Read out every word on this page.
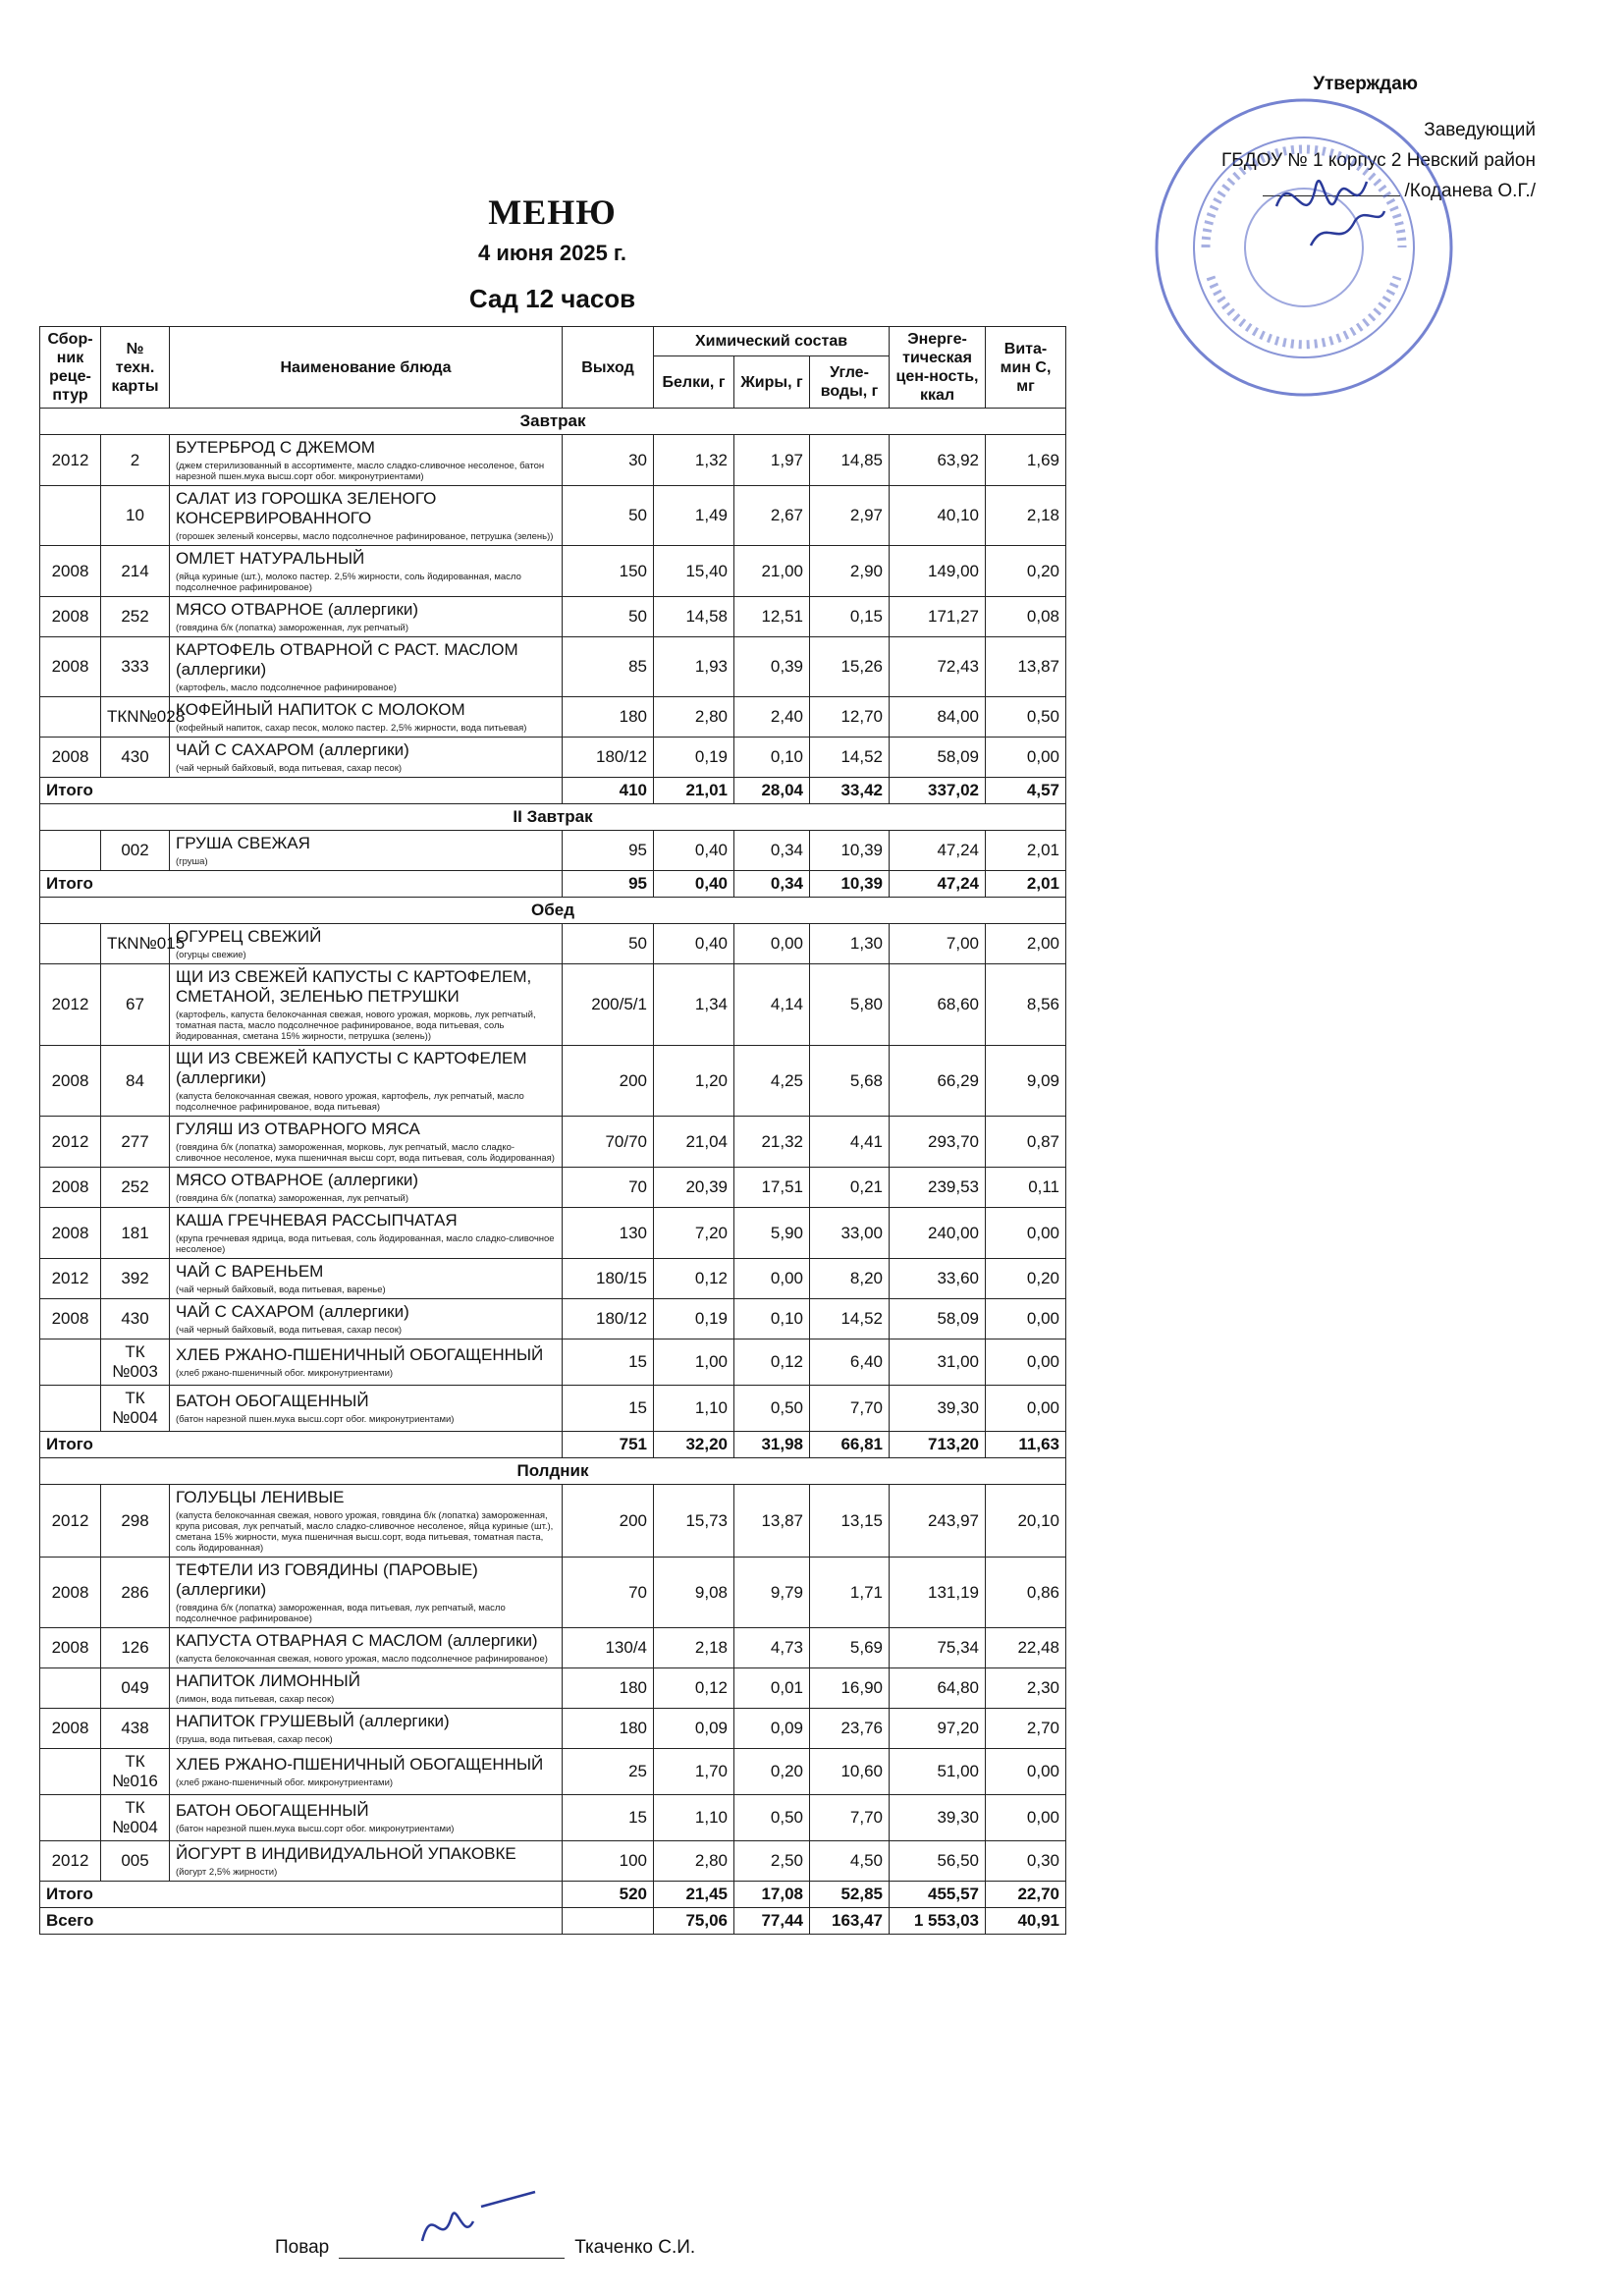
Утверждаю
Заведующий
ГБДОУ № 1 корпус 2 Невский район
/Коданева О.Г./
МЕНЮ
4 июня 2025 г.
Сад 12 часов
Сбор-ник реце-птур	№ техн. карты	Наименование блюда	Выход	Химический состав			Энерге-тическая цен-ность, ккал	Вита-мин С, мг
				Белки, г	Жиры, г	Угле-воды, г		
Завтрак								
2012	2	БУТЕРБРОД С ДЖЕМОМ
(джем стерилизованный в ассортименте, масло сладко-сливочное несоленое, батон нарезной пшен.мука высш.сорт обог. микронутриентами)	30	1,32	1,97	14,85	63,92	1,69
	10	САЛАТ ИЗ ГОРОШКА ЗЕЛЕНОГО КОНСЕРВИРОВАННОГО
(горошек зеленый консервы, масло подсолнечное рафинированое, петрушка (зелень))	50	1,49	2,67	2,97	40,10	2,18
2008	214	ОМЛЕТ НАТУРАЛЬНЫЙ
(яйца куриные (шт.), молоко пастер. 2,5% жирности, соль йодированная, масло подсолнечное рафинированое)	150	15,40	21,00	2,90	149,00	0,20
2008	252	МЯСО ОТВАРНОЕ (аллергики)
(говядина б/к (лопатка) замороженная, лук репчатый)	50	14,58	12,51	0,15	171,27	0,08
2008	333	КАРТОФЕЛЬ ОТВАРНОЙ С РАСТ. МАСЛОМ (аллергики)
(картофель, масло подсолнечное рафинированое)	85	1,93	0,39	15,26	72,43	13,87
	ТКN№028	КОФЕЙНЫЙ НАПИТОК С МОЛОКОМ
(кофейный напиток, сахар песок, молоко пастер. 2,5% жирности, вода питьевая)	180	2,80	2,40	12,70	84,00	0,50
2008	430	ЧАЙ С САХАРОМ (аллергики)
(чай черный байховый, вода питьевая, сахар песок)	180/12	0,19	0,10	14,52	58,09	0,00
Итого			410	21,01	28,04	33,42	337,02	4,57
II Завтрак								
	002	ГРУША СВЕЖАЯ
(груша)	95	0,40	0,34	10,39	47,24	2,01
Итого			95	0,40	0,34	10,39	47,24	2,01
Обед								
	ТКN№015	ОГУРЕЦ СВЕЖИЙ
(огурцы свежие)	50	0,40	0,00	1,30	7,00	2,00
2012	67	ЩИ ИЗ СВЕЖЕЙ КАПУСТЫ С КАРТОФЕЛЕМ, СМЕТАНОЙ, ЗЕЛЕНЬЮ ПЕТРУШКИ
(картофель, капуста белокочанная свежая, нового урожая, морковь, лук репчатый, томатная паста, масло подсолнечное рафинированое, вода питьевая, соль йодированная, сметана 15% жирности, петрушка (зелень))	200/5/1	1,34	4,14	5,80	68,60	8,56
2008	84	ЩИ ИЗ СВЕЖЕЙ КАПУСТЫ С КАРТОФЕЛЕМ (аллергики)
(капуста белокочанная свежая, нового урожая, картофель, лук репчатый, масло подсолнечное рафинированое, вода питьевая)	200	1,20	4,25	5,68	66,29	9,09
2012	277	ГУЛЯШ ИЗ ОТВАРНОГО МЯСА
(говядина б/к (лопатка) замороженная, морковь, лук репчатый, масло сладко-сливочное несоленое, мука пшеничная высш сорт, вода питьевая, соль йодированная)	70/70	21,04	21,32	4,41	293,70	0,87
2008	252	МЯСО ОТВАРНОЕ (аллергики)
(говядина б/к (лопатка) замороженная, лук репчатый)	70	20,39	17,51	0,21	239,53	0,11
2008	181	КАША ГРЕЧНЕВАЯ РАССЫПЧАТАЯ
(крупа гречневая ядрица, вода питьевая, соль йодированная, масло сладко-сливочное несоленое)	130	7,20	5,90	33,00	240,00	0,00
2012	392	ЧАЙ С ВАРЕНЬЕМ
(чай черный байховый, вода питьевая, варенье)	180/15	0,12	0,00	8,20	33,60	0,20
2008	430	ЧАЙ С САХАРОМ (аллергики)
(чай черный байховый, вода питьевая, сахар песок)	180/12	0,19	0,10	14,52	58,09	0,00
	ТК №003	ХЛЕБ РЖАНО-ПШЕНИЧНЫЙ ОБОГАЩЕННЫЙ
(хлеб ржано-пшеничный обог. микронутриентами)	15	1,00	0,12	6,40	31,00	0,00
	ТК №004	БАТОН ОБОГАЩЕННЫЙ
(батон нарезной пшен.мука высш.сорт обог. микронутриентами)	15	1,10	0,50	7,70	39,30	0,00
Итого			751	32,20	31,98	66,81	713,20	11,63
Полдник								
2012	298	ГОЛУБЦЫ ЛЕНИВЫЕ
(капуста белокочанная свежая, нового урожая, говядина б/к (лопатка) замороженная, крупа рисовая, лук репчатый, масло сладко-сливочное несоленое, яйца куриные (шт.), сметана 15% жирности, мука пшеничная высш.сорт, вода питьевая, томатная паста, соль йодированная)	200	15,73	13,87	13,15	243,97	20,10
2008	286	ТЕФТЕЛИ ИЗ ГОВЯДИНЫ (ПАРОВЫЕ) (аллергики)
(говядина б/к (лопатка) замороженная, вода питьевая, лук репчатый, масло подсолнечное рафинированое)	70	9,08	9,79	1,71	131,19	0,86
2008	126	КАПУСТА ОТВАРНАЯ С МАСЛОМ (аллергики)
(капуста белокочанная свежая, нового урожая, масло подсолнечное рафинированое)	130/4	2,18	4,73	5,69	75,34	22,48
	049	НАПИТОК ЛИМОННЫЙ
(лимон, вода питьевая, сахар песок)	180	0,12	0,01	16,90	64,80	2,30
2008	438	НАПИТОК ГРУШЕВЫЙ (аллергики)
(груша, вода питьевая, сахар песок)	180	0,09	0,09	23,76	97,20	2,70
	ТК №016	ХЛЕБ РЖАНО-ПШЕНИЧНЫЙ ОБОГАЩЕННЫЙ
(хлеб ржано-пшеничный обог. микронутриентами)	25	1,70	0,20	10,60	51,00	0,00
	ТК №004	БАТОН ОБОГАЩЕННЫЙ
(батон нарезной пшен.мука высш.сорт обог. микронутриентами)	15	1,10	0,50	7,70	39,30	0,00
2012	005	ЙОГУРТ В ИНДИВИДУАЛЬНОЙ УПАКОВКЕ
(йогурт 2,5% жирности)	100	2,80	2,50	4,50	56,50	0,30
Итого			520	21,45	17,08	52,85	455,57	22,70
Всего				75,06	77,44	163,47	1 553,03	40,91
Повар	Ткаченко С.И.
